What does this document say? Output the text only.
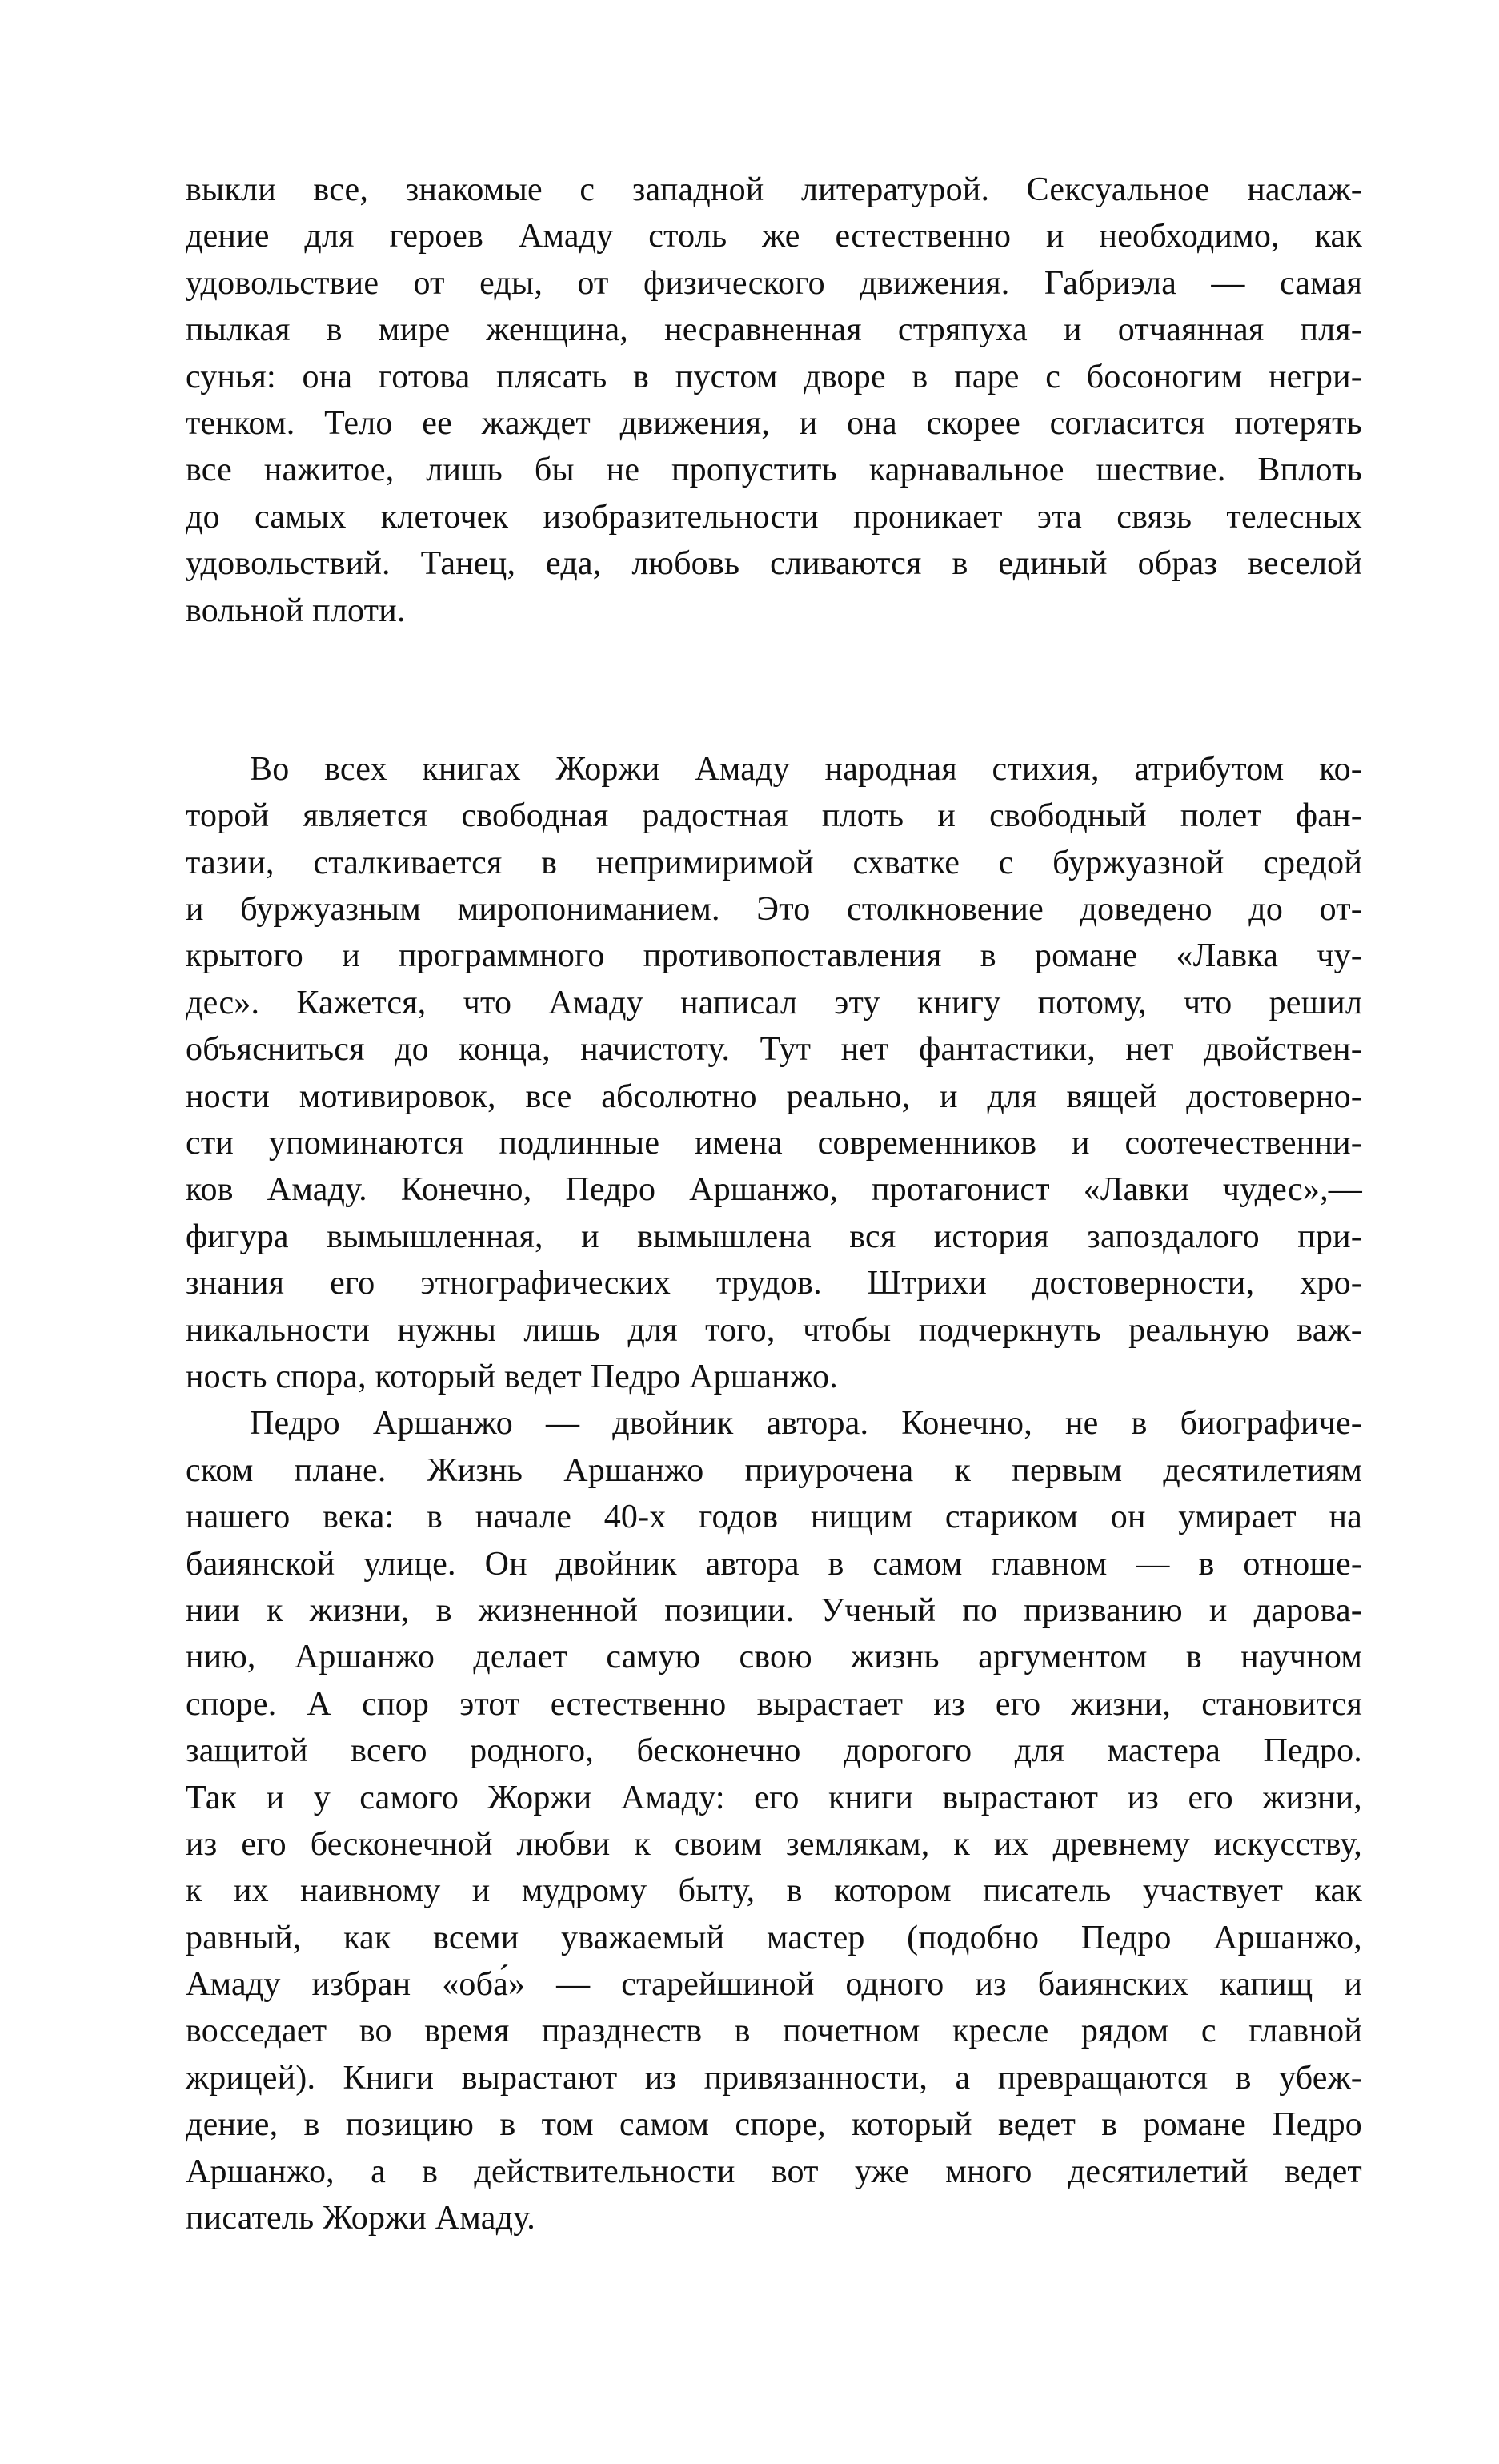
выкли все, знакомые с западной литературой. Сексуальное наслаж-
дение для героев Амаду столь же естественно и необходимо, как
удовольствие от еды, от физического движения. Габриэла — самая
пылкая в мире женщина, несравненная стряпуха и отчаянная пля-
сунья: она готова плясать в пустом дворе в паре с босоногим негри-
тенком. Тело ее жаждет движения, и она скорее согласится потерять
все нажитое, лишь бы не пропустить карнавальное шествие. Вплоть
до самых клеточек изобразительности проникает эта связь телесных
удовольствий. Танец, еда, любовь сливаются в единый образ веселой
вольной плоти.
Во всех книгах Жоржи Амаду народная стихия, атрибутом ко-
торой является свободная радостная плоть и свободный полет фан-
тазии, сталкивается в непримиримой схватке с буржуазной средой
и буржуазным миропониманием. Это столкновение доведено до от-
крытого и программного противопоставления в романе «Лавка чу-
дес». Кажется, что Амаду написал эту книгу потому, что решил
объясниться до конца, начистоту. Тут нет фантастики, нет двойствен-
ности мотивировок, все абсолютно реально, и для вящей достоверно-
сти упоминаются подлинные имена современников и соотечественни-
ков Амаду. Конечно, Педро Аршанжо, протагонист «Лавки чудес»,—
фигура вымышленная, и вымышлена вся история запоздалого при-
знания его этнографических трудов. Штрихи достоверности, хро-
никальности нужны лишь для того, чтобы подчеркнуть реальную важ-
ность спора, который ведет Педро Аршанжо.
Педро Аршанжо — двойник автора. Конечно, не в биографиче-
ском плане. Жизнь Аршанжо приурочена к первым десятилетиям
нашего века: в начале 40-х годов нищим стариком он умирает на
баиянской улице. Он двойник автора в самом главном — в отноше-
нии к жизни, в жизненной позиции. Ученый по призванию и дарова-
нию, Аршанжо делает самую свою жизнь аргументом в научном
споре. А спор этот естественно вырастает из его жизни, становится
защитой всего родного, бесконечно дорогого для мастера Педро.
Так и у самого Жоржи Амаду: его книги вырастают из его жизни,
из его бесконечной любви к своим землякам, к их древнему искусству,
к их наивному и мудрому быту, в котором писатель участвует как
равный, как всеми уважаемый мастер (подобно Педро Аршанжо,
Амаду избран «оба́» — старейшиной одного из баиянских капищ и
восседает во время празднеств в почетном кресле рядом с главной
жрицей). Книги вырастают из привязанности, а превращаются в убеж-
дение, в позицию в том самом споре, который ведет в романе Педро
Аршанжо, а в действительности вот уже много десятилетий ведет
писатель Жоржи Амаду.
